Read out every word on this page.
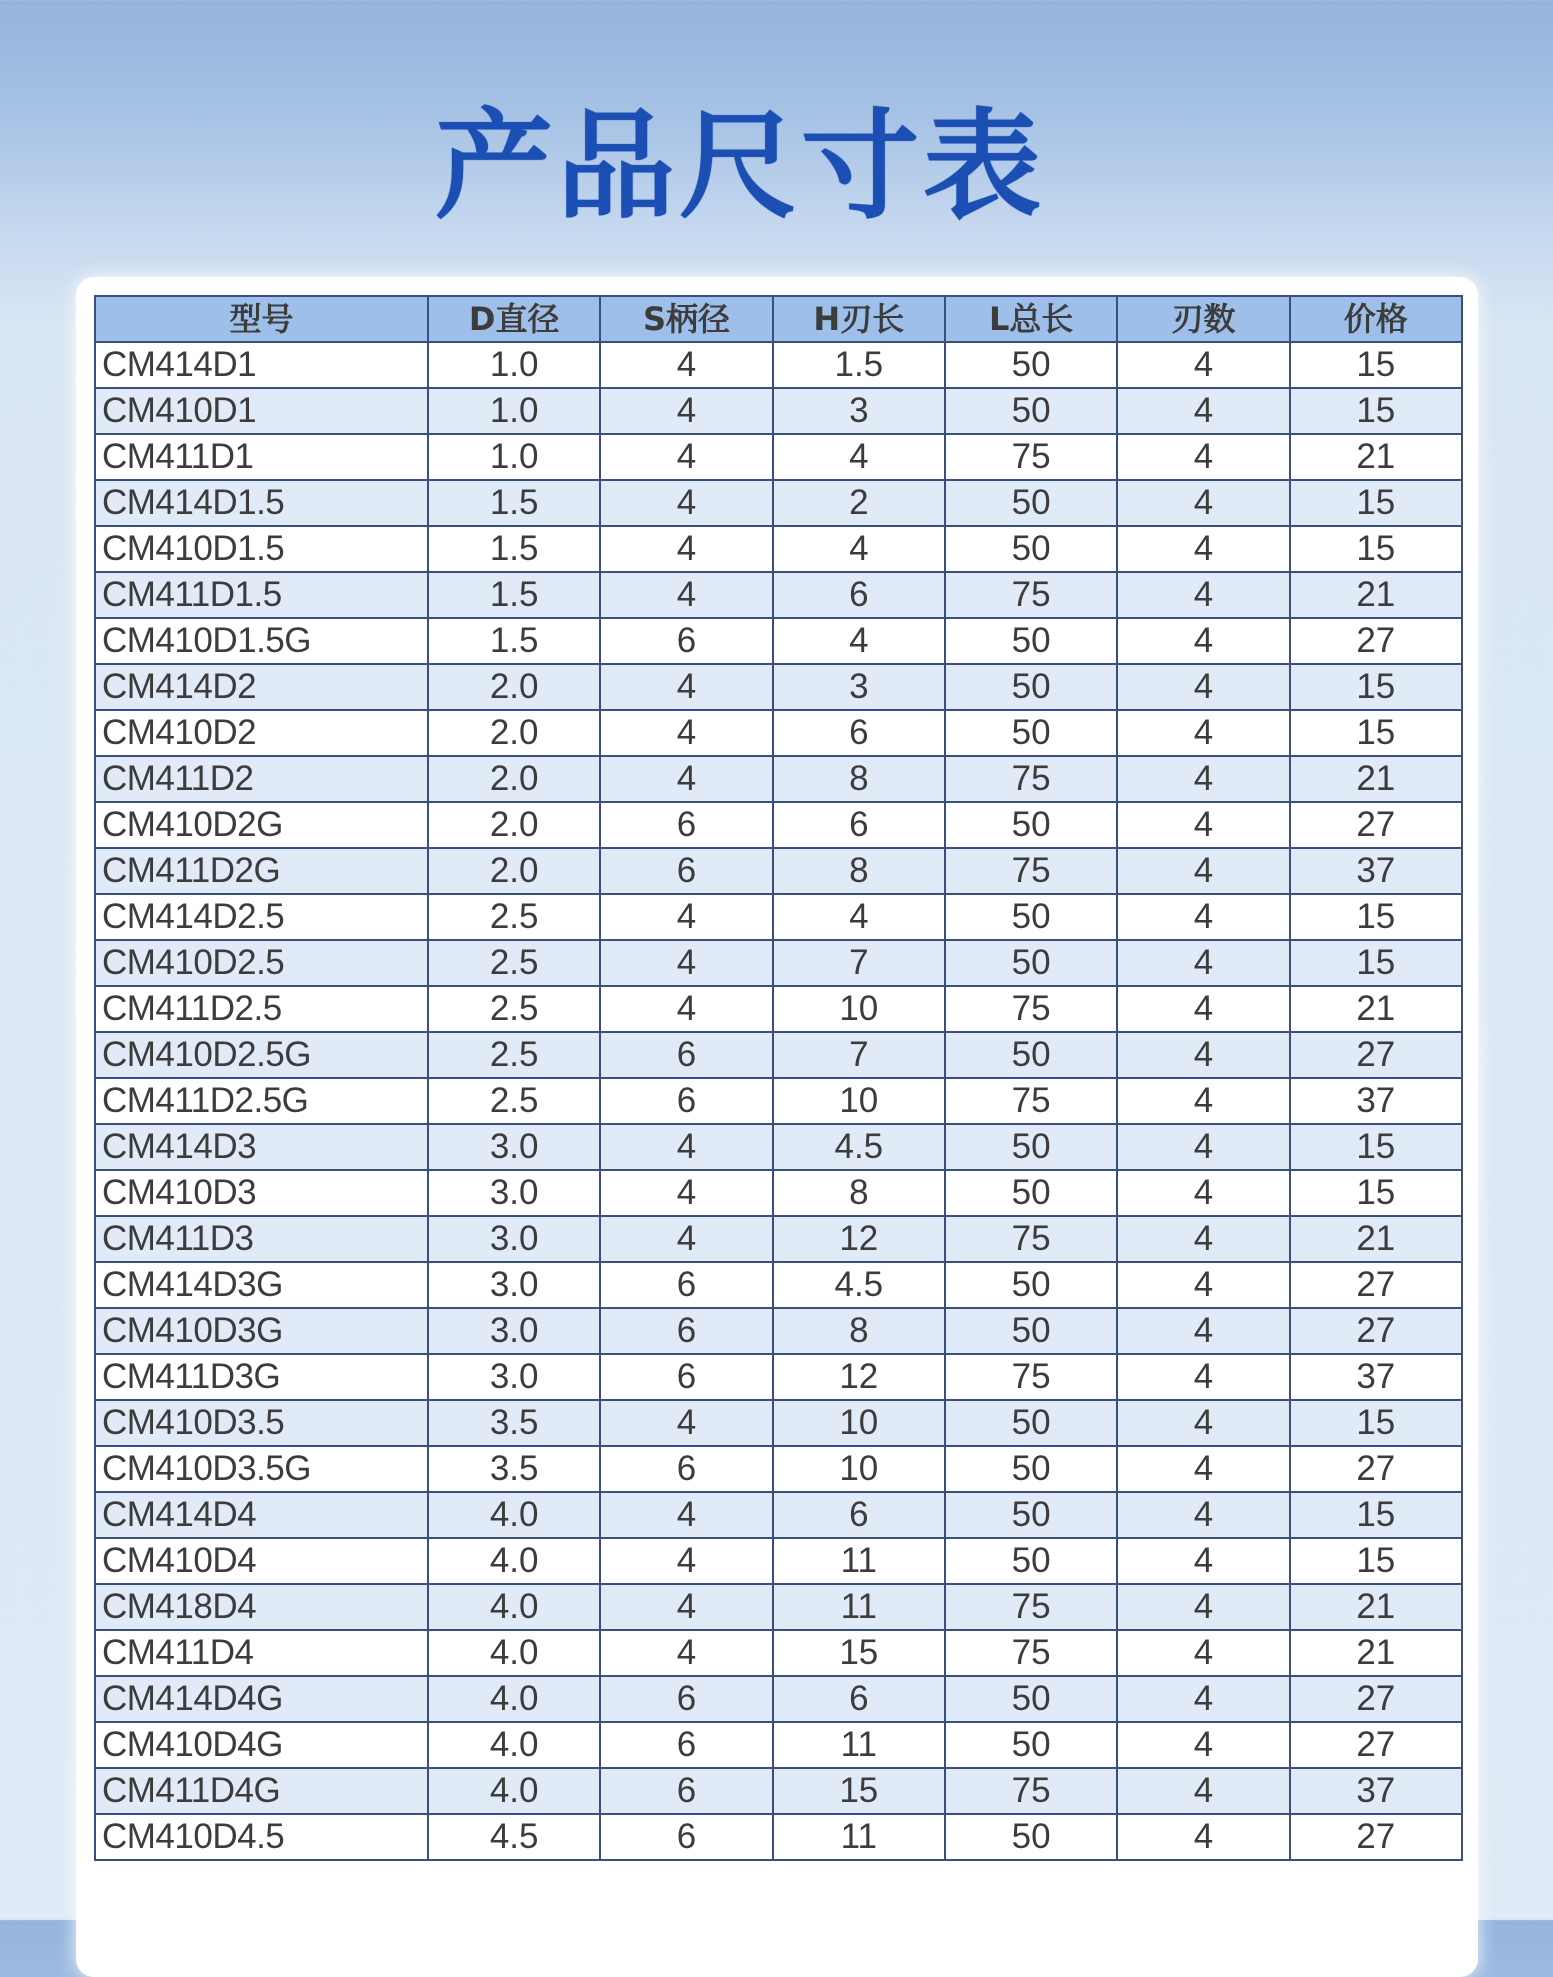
产品尺寸表
型号	D直径	S柄径	H刃长	L总长	刃数	价格
CM414D1	1.0	4	1.5	50	4	15
CM410D1	1.0	4	3	50	4	15
CM411D1	1.0	4	4	75	4	21
CM414D1.5	1.5	4	2	50	4	15
CM410D1.5	1.5	4	4	50	4	15
CM411D1.5	1.5	4	6	75	4	21
CM410D1.5G	1.5	6	4	50	4	27
CM414D2	2.0	4	3	50	4	15
CM410D2	2.0	4	6	50	4	15
CM411D2	2.0	4	8	75	4	21
CM410D2G	2.0	6	6	50	4	27
CM411D2G	2.0	6	8	75	4	37
CM414D2.5	2.5	4	4	50	4	15
CM410D2.5	2.5	4	7	50	4	15
CM411D2.5	2.5	4	10	75	4	21
CM410D2.5G	2.5	6	7	50	4	27
CM411D2.5G	2.5	6	10	75	4	37
CM414D3	3.0	4	4.5	50	4	15
CM410D3	3.0	4	8	50	4	15
CM411D3	3.0	4	12	75	4	21
CM414D3G	3.0	6	4.5	50	4	27
CM410D3G	3.0	6	8	50	4	27
CM411D3G	3.0	6	12	75	4	37
CM410D3.5	3.5	4	10	50	4	15
CM410D3.5G	3.5	6	10	50	4	27
CM414D4	4.0	4	6	50	4	15
CM410D4	4.0	4	11	50	4	15
CM418D4	4.0	4	11	75	4	21
CM411D4	4.0	4	15	75	4	21
CM414D4G	4.0	6	6	50	4	27
CM410D4G	4.0	6	11	50	4	27
CM411D4G	4.0	6	15	75	4	37
CM410D4.5	4.5	6	11	50	4	27
